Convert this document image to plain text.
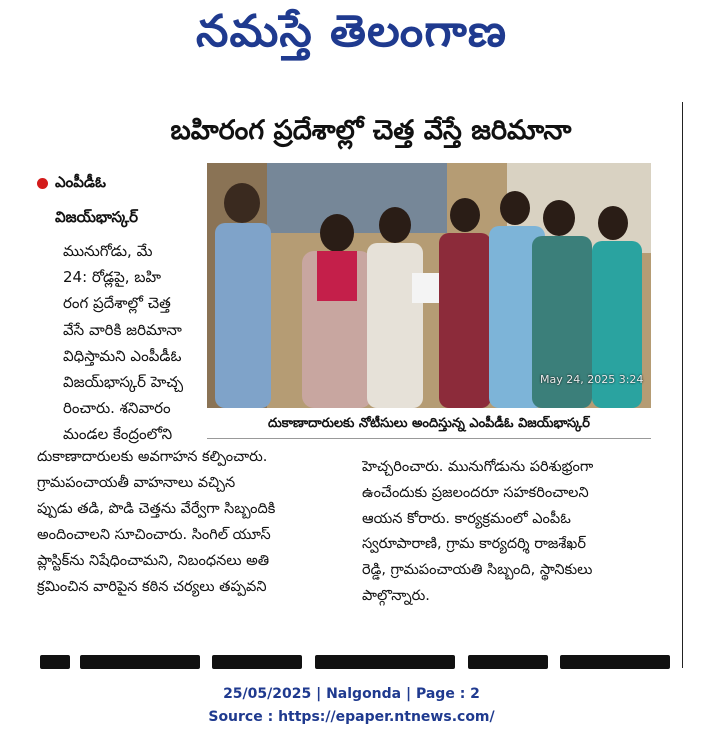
నమస్తే తెలంగాణ
బహిరంగ ప్రదేశాల్లో చెత్త వేస్తే జరిమానా
ఎంపీడీఓ
విజయ్‌భాస్కర్
మునుగోడు, మే
24: రోడ్లపై, బహి
రంగ ప్రదేశాల్లో చెత్త
వేసే వారికి జరిమానా
విధిస్తామని ఎంపీడీఓ
విజయ్‌భాస్కర్ హెచ్చ
రించారు. శనివారం
మండల కేంద్రంలోని
దుకాణాదారులకు అవగాహన కల్పించారు.
గ్రామపంచాయతీ వాహనాలు వచ్చిన
ప్పుడు తడి, పొడి చెత్తను వేర్వేగా సిబ్బందికి
అందించాలని సూచించారు. సింగిల్ యూస్
ప్లాస్టిక్‌ను నిషేధించామని, నిబంధనలు అతి
క్రమించిన వారిపైన కఠిన చర్యలు తప్పవని
May 24, 2025 3:24
దుకాణాదారులకు నోటీసులు అందిస్తున్న ఎంపీడీఓ విజయ్‌భాస్కర్
హెచ్చరించారు. మునుగోడును పరిశుభ్రంగా
ఉంచేందుకు ప్రజలందరూ సహకరించాలని
ఆయన కోరారు. కార్యక్రమంలో ఎంపీఓ
స్వరూపారాణి, గ్రామ కార్యదర్శి రాజశేఖర్
రెడ్డి, గ్రామపంచాయతి సిబ్బంది, స్థానికులు
పాల్గొన్నారు.
25/05/2025 | Nalgonda | Page : 2
Source : https://epaper.ntnews.com/
